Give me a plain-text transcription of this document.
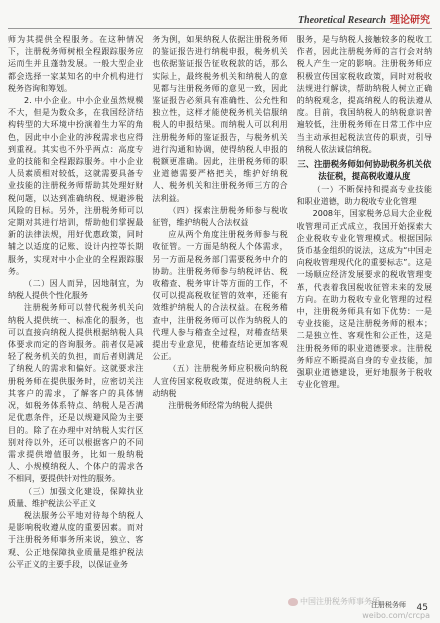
Theoretical Research 理论研究

师为其提供全程服务。在这种情况下，注册税务师树根全程跟踪服务应运而生并且蓬勃发展。一般大型企业都会选择一家某知名的中介机构进行税务咨询和筹划。

2. 中小企业。中小企业虽然规模不大，但是为数众多，在我国经济结构转型的大环境中扮演着生力军的角色，因此中小企业的涉税需求也应得到重视。其实也不外乎两点：高度专业的技能和全程跟踪服务。中小企业人员素质相对较低，这就需要具备专业技能的注册税务师帮助其处理好财税问题，以达到准确纳税、规避涉税风险的目标。另外，注册税务师可以定期对其进行培训，帮助他们掌握最新的法律法规，用好优惠政策，同时辅之以适度的记账、设计内控等长期服务，实现对中小企业的全程跟踪服务。

（二）因人而异，因地制宜，为纳税人提供个性化服务

注册税务师可以替代税务机关向纳税人提供统一、标准化的服务，也可以直接向纳税人提供根据纳税人具体要求而定的咨询服务。前者仅是减轻了税务机关的负担，而后者则满足了纳税人的需求和偏好。这就要求注册税务师在提供服务时，应密切关注其客户的需求，了解客户的具体情况，如税务体系特点、纳税人是否满足优惠条件，还是以规避风险为主要目的。除了在办理中对纳税人实行区别对待以外，还可以根据客户的不同需求提供增值服务，比如一般纳税人、小规模纳税人、个体户的需求各不相同，要提供针对性的服务。

（三）加强文化建设，保障执业质量、维护税法公平正义

税法服务公平地对待每个纳税人是影响税收遵从度的重要因素。而对于注册税务师事务所来说，独立、客观、公正地保障执业质量是维护税法公平正义的主要手段，以保证业务

务为例，如果纳税人依据注册税务师的鉴证报告进行纳税申报，税务机关也依据鉴证报告征收税款的话，那么实际上，最终税务机关和纳税人的意见都与注册税务师的意见一致，因此鉴证报告必须具有准确性、公允性和独立性，这样才能使税务机关信服纳税人的申报结果。而纳税人可以利用注册税务师的鉴证报告，与税务机关进行沟通和协调，使得纳税人申报的税额更准确。因此，注册税务师的职业道德需要严格把关，维护好纳税人、税务机关和注册税务师三方的合法利益。

（四）探索注册税务师参与税收征管，维护纳税人合法权益

应从两个角度注册税务师参与税收征管。一方面是纳税人个体需求，另一方面是税务部门需要税务中介的协助。注册税务师参与纳税评估、税收稽查、税务审计等方面的工作，不仅可以提高税收征管的效率，还能有效维护纳税人的合法权益。在税务稽查中，注册税务师可以作为纳税人的代理人参与稽查全过程，对稽查结果提出专业意见，使稽查结论更加客观公正。

（五）注册税务师应积极向纳税人宣传国家税收政策，促进纳税人主动纳税

注册税务师经常为纳税人提供

服务，是与纳税人接触较多的税收工作者，因此注册税务师的言行会对纳税人产生一定的影响。注册税务师应积极宣传国家税收政策，同时对税收法规进行解读，帮助纳税人树立正确的纳税观念，提高纳税人的税法遵从度。目前，我国纳税人的纳税意识普遍较低，注册税务师在日常工作中应当主动承担起税法宣传的职责，引导纳税人依法诚信纳税。

三、注册税务师如何协助税务机关依法征税，提高税收遵从度

（一）不断保持和提高专业技能和职业道德，助力税收专业化管理

2008年，国家税务总局大企业税收管理司正式成立，我国开始探索大企业税收专业化管理模式。根据国际货币基金组织的说法，这成为“中国走向税收管理现代化的重要标志”。这是一场顺应经济发展要求的税收管理变革，代表着我国税收征管未来的发展方向。在助力税收专业化管理的过程中，注册税务师具有如下优势：一是专业技能，这是注册税务师的根本；二是独立性、客观性和公正性，这是注册税务师的职业道德要求。注册税务师应不断提高自身的专业技能，加强职业道德建设，更好地服务于税收专业化管理。

注册税务师 45
中国注册税务师事务所
weibo.com/crcpa
